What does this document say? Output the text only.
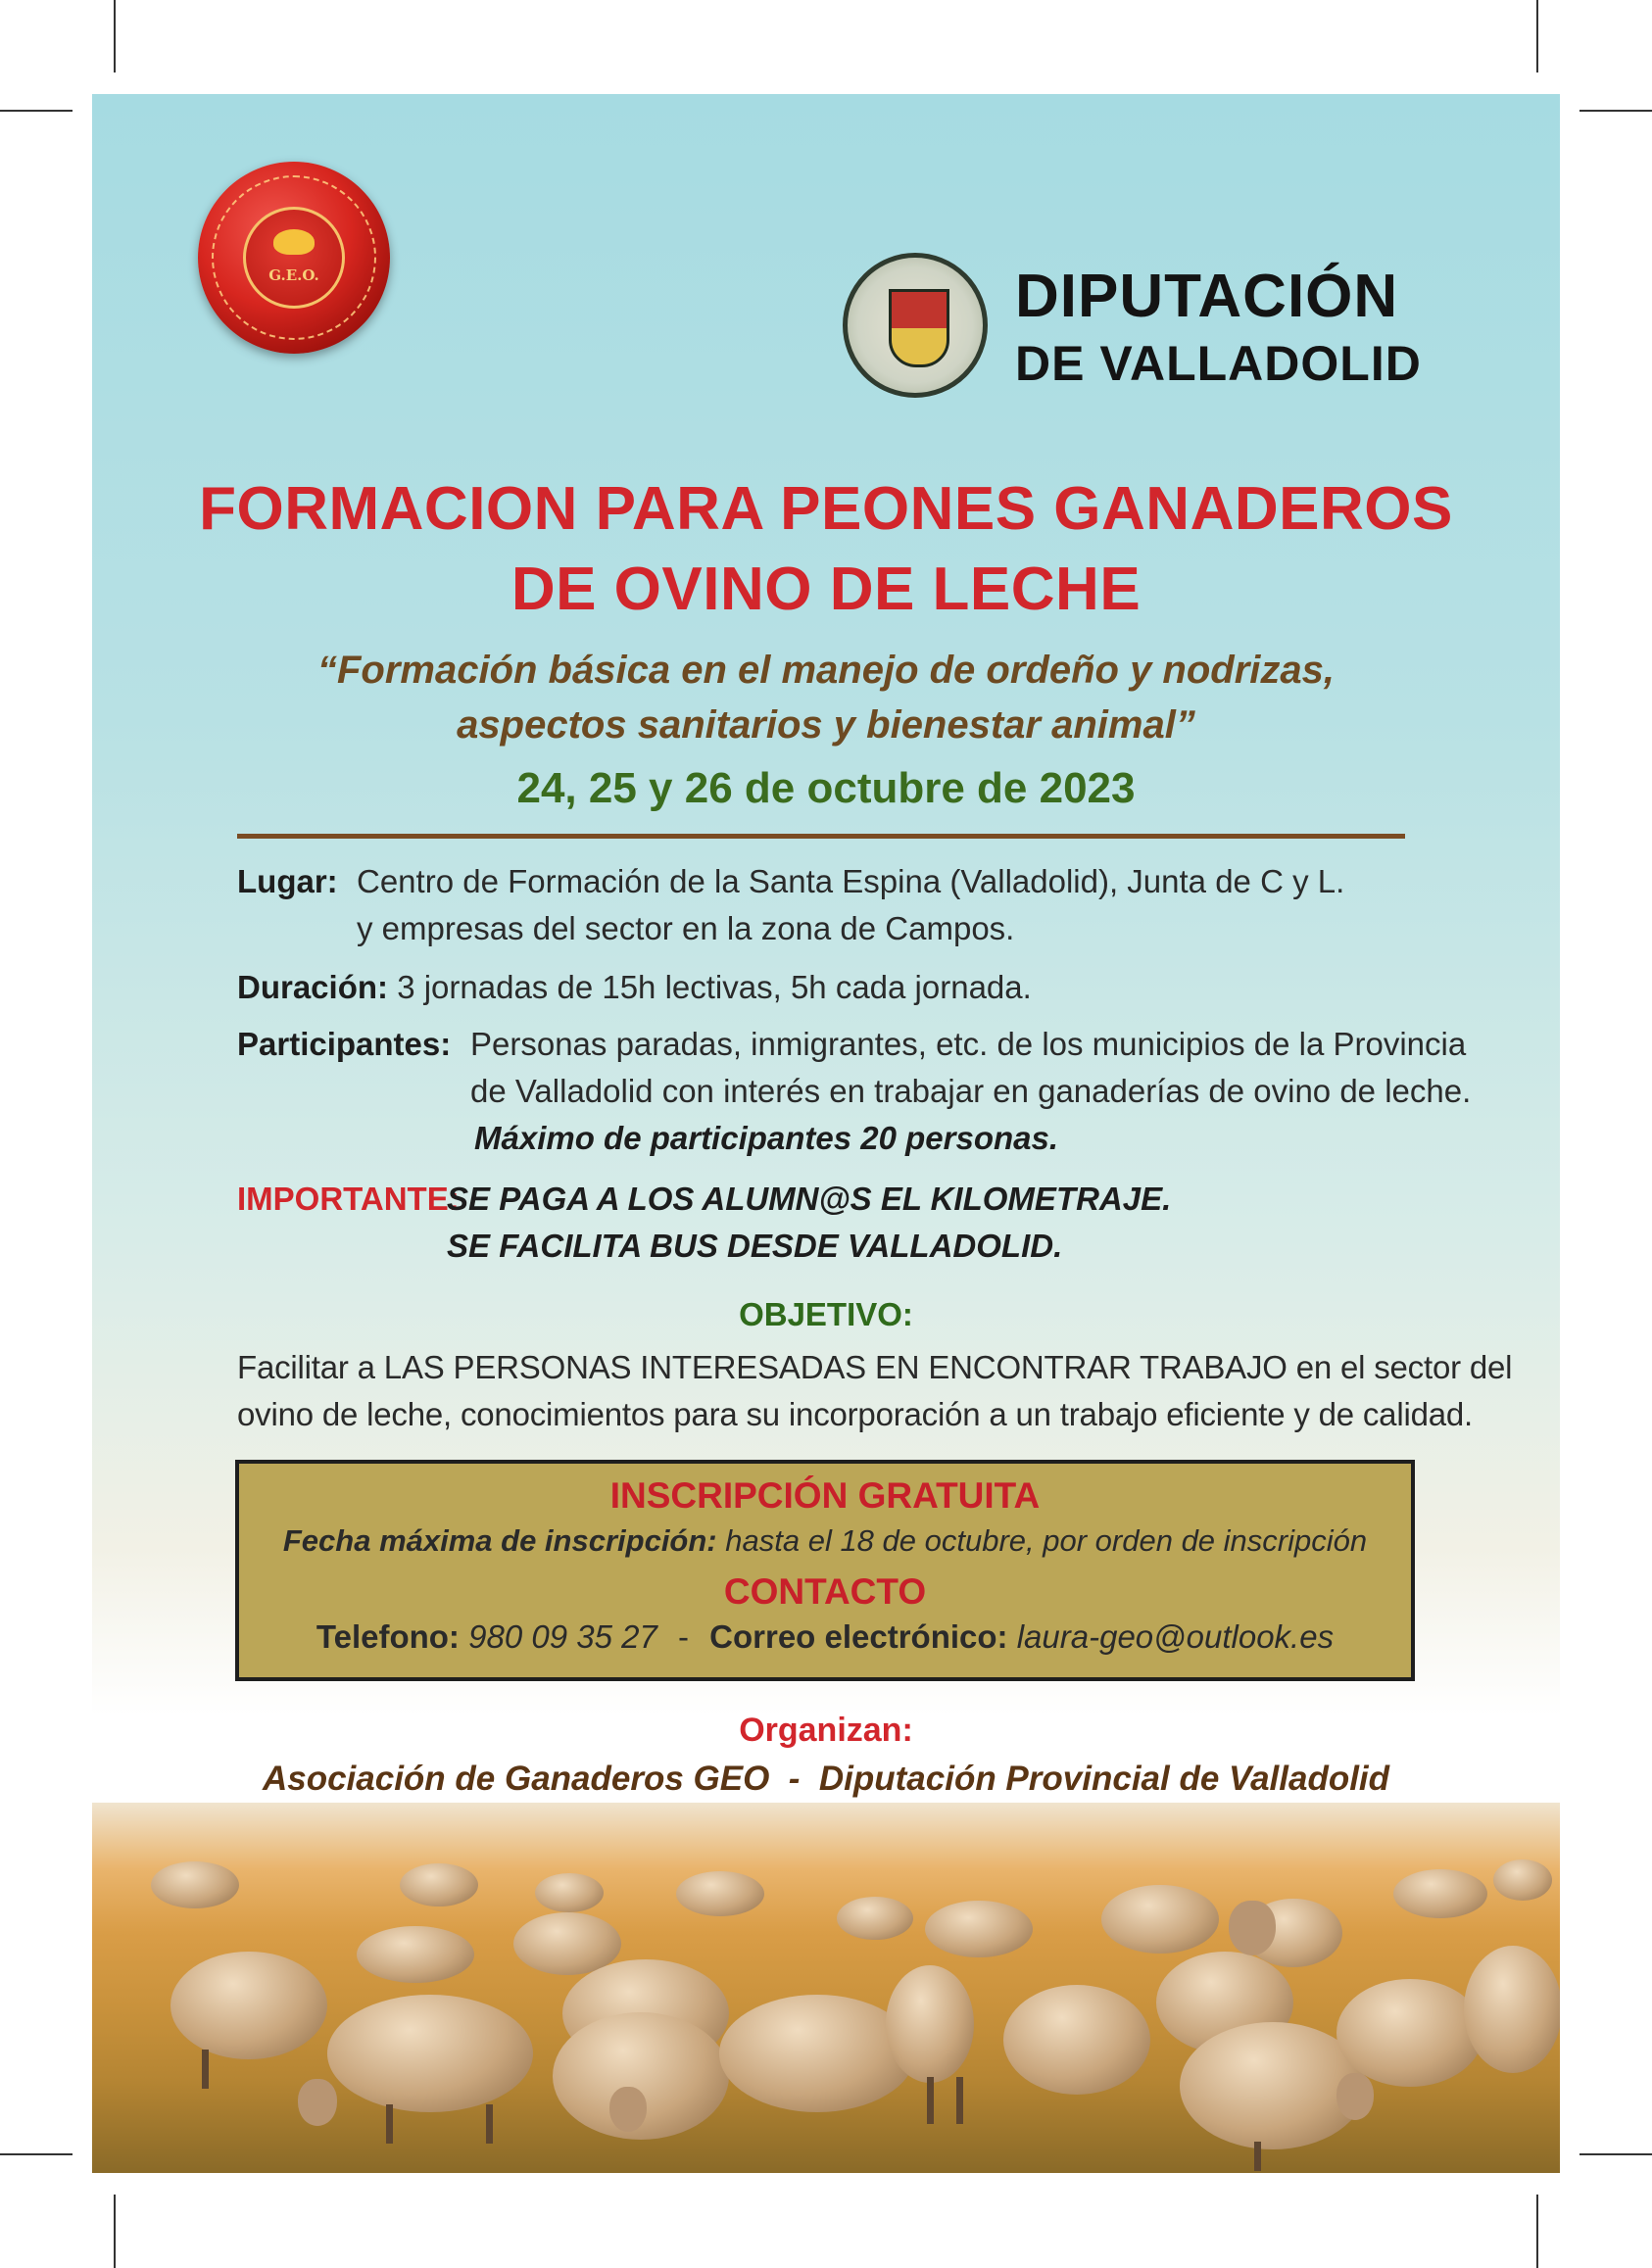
G.E.O.	DIPUTACIÓN
DE VALLADOLID
FORMACION PARA PEONES GANADEROS
DE OVINO DE LECHE
“Formación básica en el manejo de ordeño y nodrizas,
aspectos sanitarios y bienestar animal”
24, 25 y 26 de octubre de 2023
Lugar: Centro de Formación de la Santa Espina (Valladolid), Junta de C y L.
y empresas del sector en la zona de Campos.
Duración: 3 jornadas de 15h lectivas, 5h cada jornada.
Participantes: Personas paradas, inmigrantes, etc. de los municipios de la Provincia
de Valladolid con interés en trabajar en ganaderías de ovino de leche.
Máximo de participantes 20 personas.
IMPORTANTE:
SE PAGA A LOS ALUMN@S EL KILOMETRAJE.
SE FACILITA BUS DESDE VALLADOLID.
OBJETIVO:
Facilitar a LAS PERSONAS INTERESADAS EN ENCONTRAR TRABAJO en el sector del
ovino de leche, conocimientos para su incorporación a un trabajo eficiente y de calidad.
INSCRIPCIÓN GRATUITA
Fecha máxima de inscripción: hasta el 18 de octubre, por orden de inscripción
CONTACTO
Telefono: 980 09 35 27 - Correo electrónico: laura-geo@outlook.es
Organizan:
Asociación de Ganaderos GEO  -  Diputación Provincial de Valladolid
